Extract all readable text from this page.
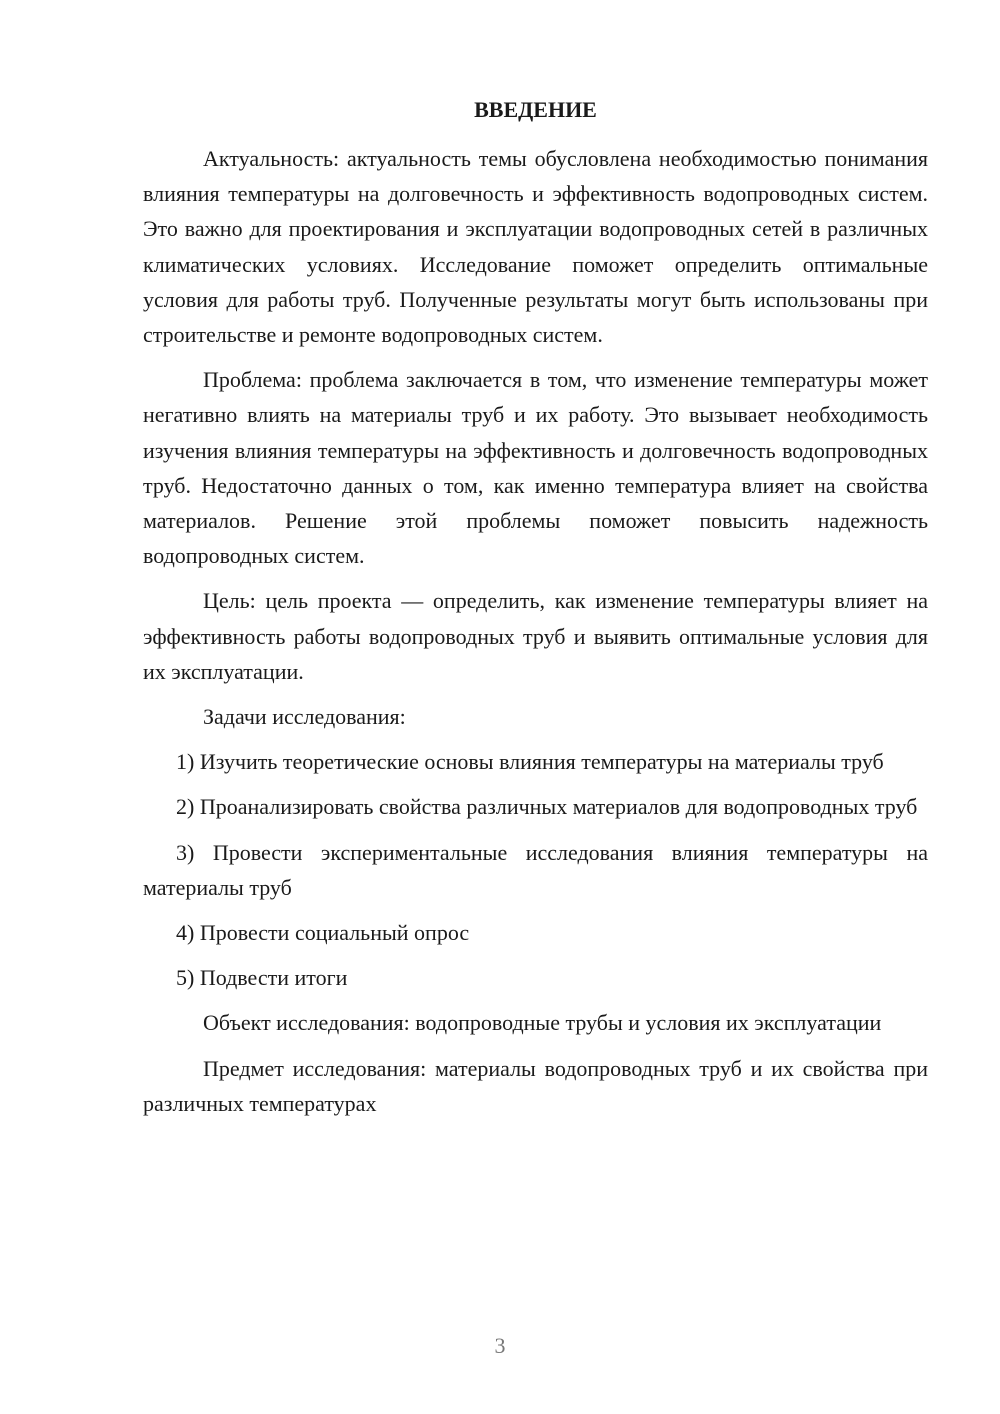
ВВЕДЕНИЕ

Актуальность: актуальность темы обусловлена необходимостью понимания влияния температуры на долговечность и эффективность водопроводных систем. Это важно для проектирования и эксплуатации водопроводных сетей в различных климатических условиях. Исследование поможет определить оптимальные условия для работы труб. Полученные результаты могут быть использованы при строительстве и ремонте водопроводных систем.

Проблема: проблема заключается в том, что изменение температуры может негативно влиять на материалы труб и их работу. Это вызывает необходимость изучения влияния температуры на эффективность и долговечность водопроводных труб. Недостаточно данных о том, как именно температура влияет на свойства материалов. Решение этой проблемы поможет повысить надежность водопроводных систем.

Цель: цель проекта — определить, как изменение температуры влияет на эффективность работы водопроводных труб и выявить оптимальные условия для их эксплуатации.

Задачи исследования:

1) Изучить теоретические основы влияния температуры на материалы труб

2) Проанализировать свойства различных материалов для водопроводных труб

3) Провести экспериментальные исследования влияния температуры на материалы труб

4) Провести социальный опрос

5) Подвести итоги

Объект исследования: водопроводные трубы и условия их эксплуатации

Предмет исследования: материалы водопроводных труб и их свойства при различных температурах

3
